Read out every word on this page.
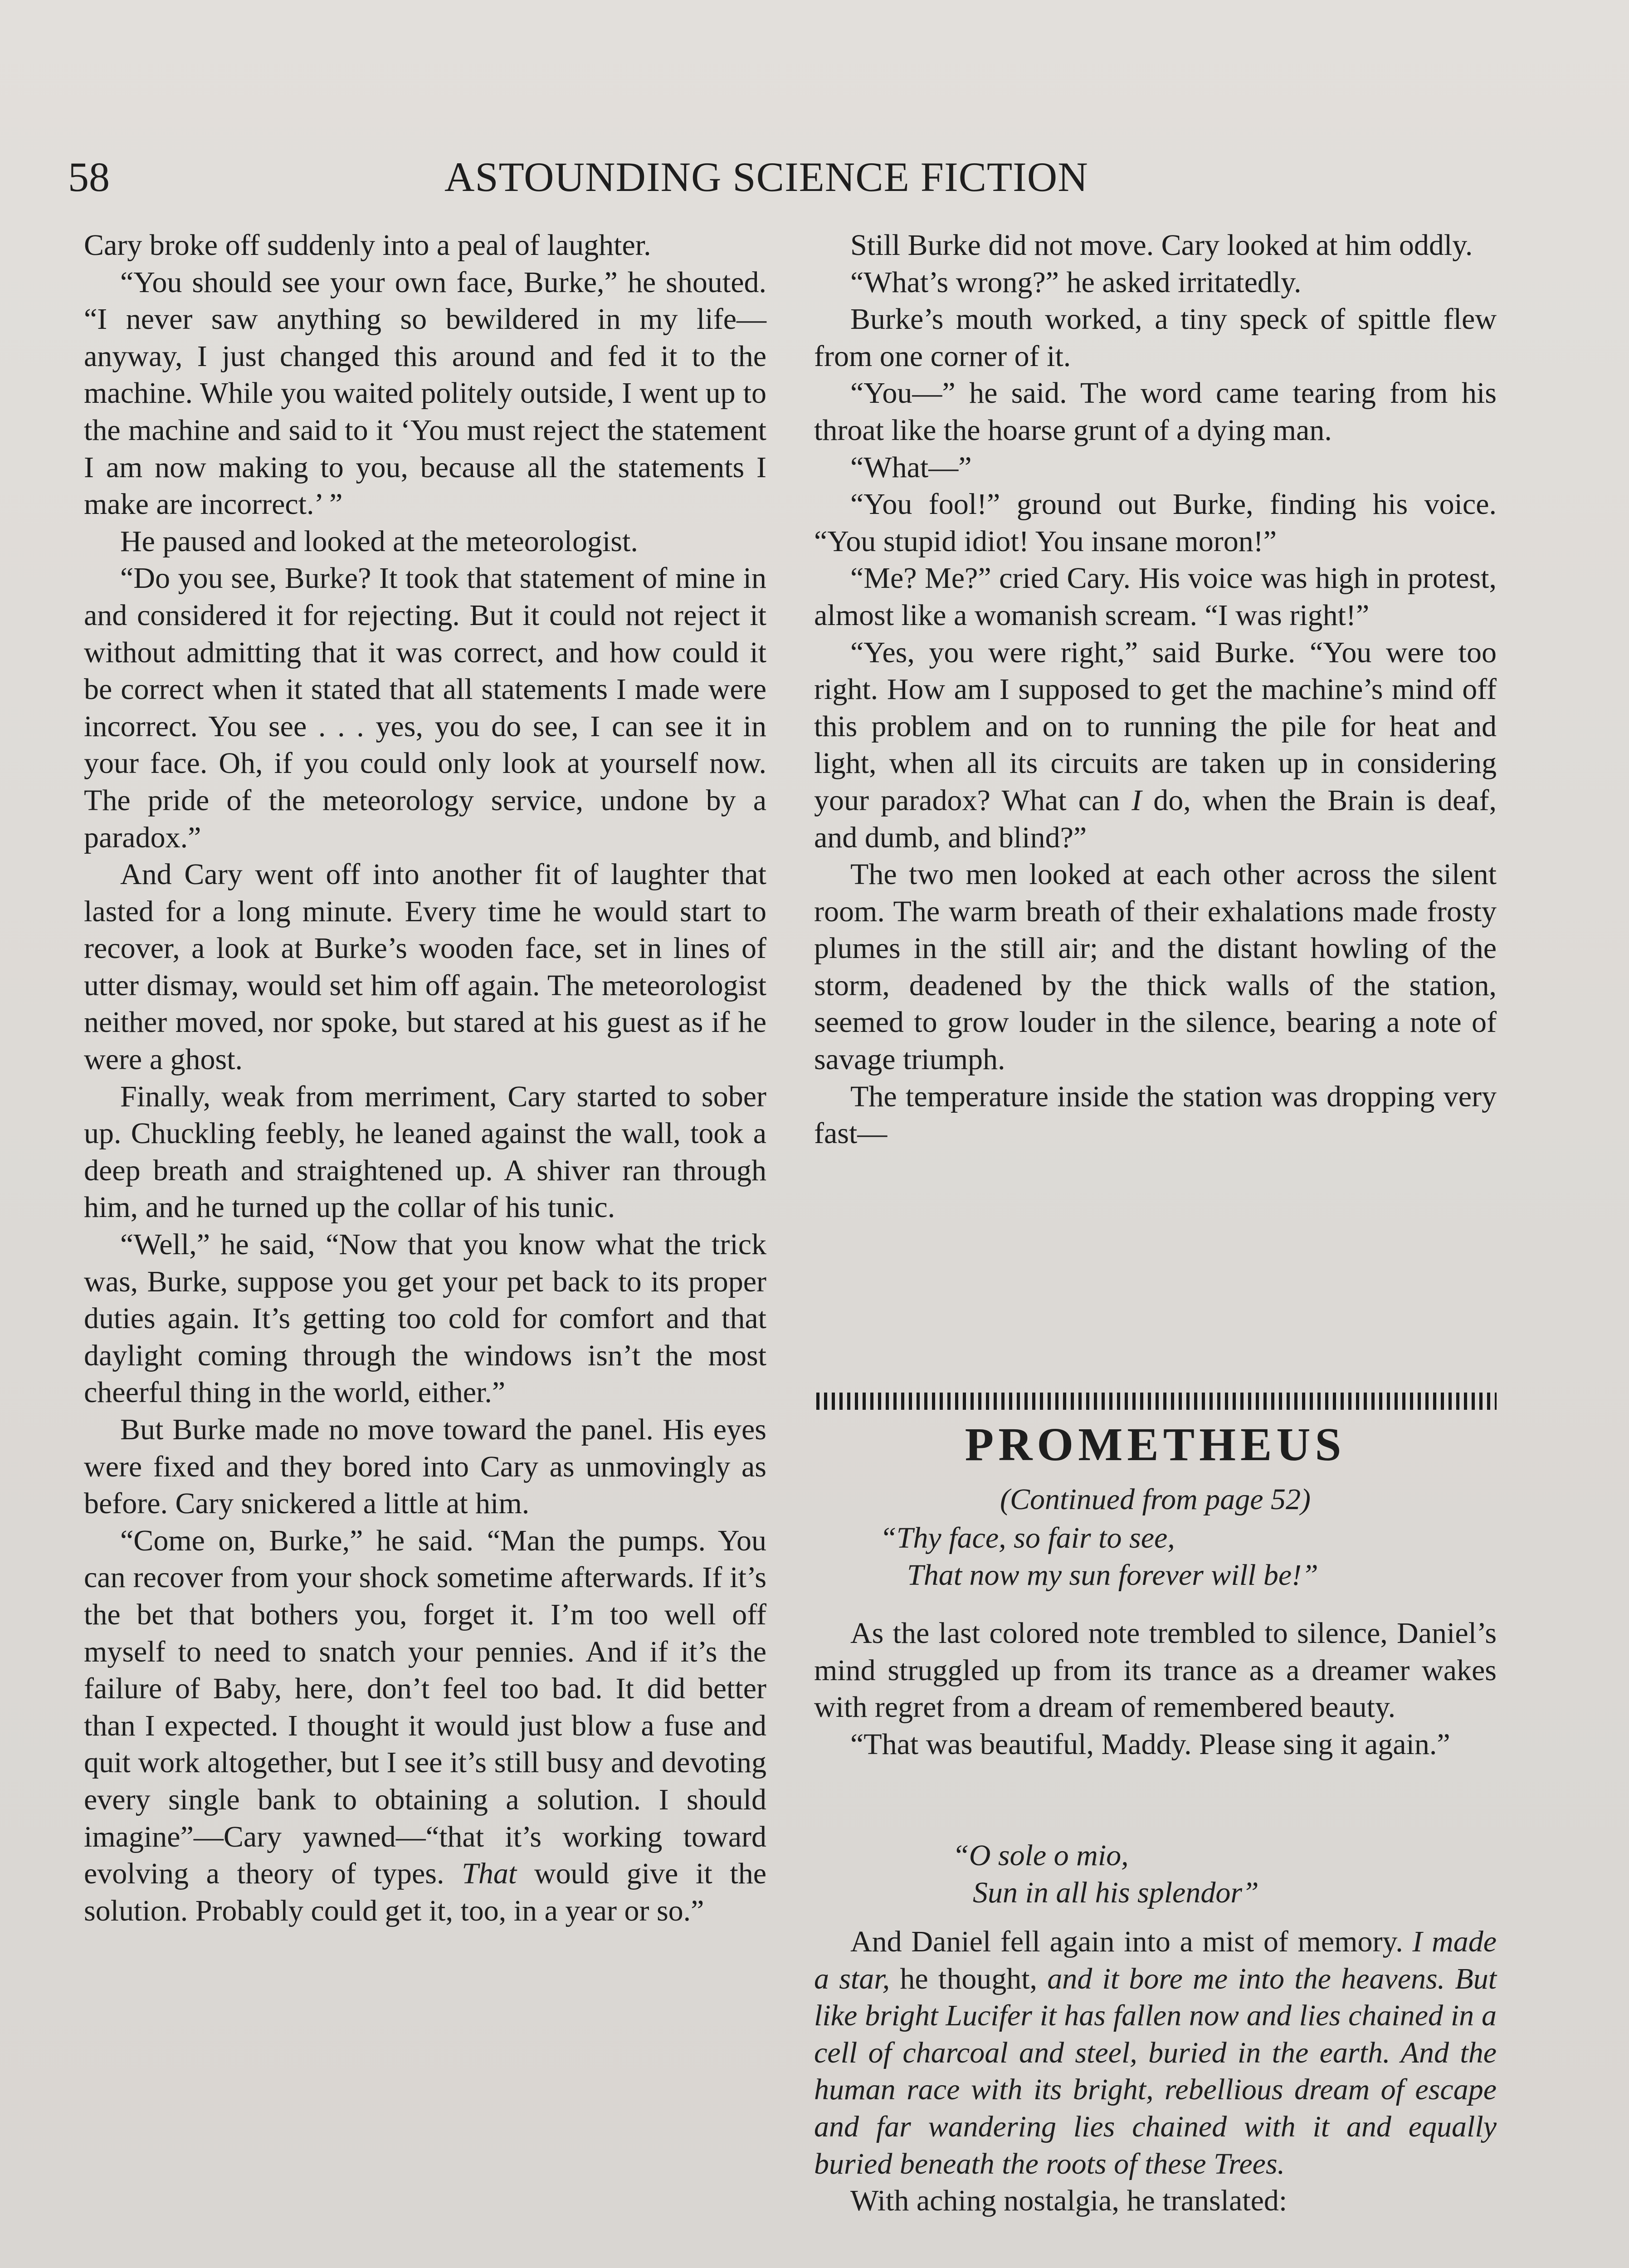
58	ASTOUNDING SCIENCE FICTION

Cary broke off suddenly into a peal of laughter.

“You should see your own face, Burke,” he shouted. “I never saw anything so bewildered in my life—anyway, I just changed this around and fed it to the machine. While you waited politely outside, I went up to the machine and said to it ‘You must reject the statement I am now making to you, because all the statements I make are incorrect.’ ”

He paused and looked at the meteorologist.

“Do you see, Burke? It took that statement of mine in and considered it for rejecting. But it could not reject it without admitting that it was correct, and how could it be correct when it stated that all statements I made were incorrect. You see . . . yes, you do see, I can see it in your face. Oh, if you could only look at yourself now. The pride of the meteorology service, undone by a paradox.”

And Cary went off into another fit of laughter that lasted for a long minute. Every time he would start to recover, a look at Burke’s wooden face, set in lines of utter dismay, would set him off again. The meteorologist neither moved, nor spoke, but stared at his guest as if he were a ghost.

Finally, weak from merriment, Cary started to sober up. Chuckling feebly, he leaned against the wall, took a deep breath and straightened up. A shiver ran through him, and he turned up the collar of his tunic.

“Well,” he said, “Now that you know what the trick was, Burke, suppose you get your pet back to its proper duties again. It’s getting too cold for comfort and that daylight coming through the windows isn’t the most cheerful thing in the world, either.”

But Burke made no move toward the panel. His eyes were fixed and they bored into Cary as unmovingly as before. Cary snickered a little at him.

“Come on, Burke,” he said. “Man the pumps. You can recover from your shock sometime afterwards. If it’s the bet that bothers you, forget it. I’m too well off myself to need to snatch your pennies. And if it’s the failure of Baby, here, don’t feel too bad. It did better than I expected. I thought it would just blow a fuse and quit work altogether, but I see it’s still busy and devoting every single bank to obtaining a solution. I should imagine”—Cary yawned—“that it’s working toward evolving a theory of types. That would give it the solution. Probably could get it, too, in a year or so.”

Still Burke did not move. Cary looked at him oddly.

“What’s wrong?” he asked irritatedly.

Burke’s mouth worked, a tiny speck of spittle flew from one corner of it.

“You—” he said. The word came tearing from his throat like the hoarse grunt of a dying man.

“What—”

“You fool!” ground out Burke, finding his voice. “You stupid idiot! You insane moron!”

“Me? Me?” cried Cary. His voice was high in protest, almost like a womanish scream. “I was right!”

“Yes, you were right,” said Burke. “You were too right. How am I supposed to get the machine’s mind off this problem and on to running the pile for heat and light, when all its circuits are taken up in considering your paradox? What can I do, when the Brain is deaf, and dumb, and blind?”

The two men looked at each other across the silent room. The warm breath of their exhalations made frosty plumes in the still air; and the distant howling of the storm, deadened by the thick walls of the station, seemed to grow louder in the silence, bearing a note of savage triumph.

The temperature inside the station was dropping very fast—

PROMETHEUS
(Continued from page 52)
“Thy face, so fair to see,
That now my sun forever will be!”

As the last colored note trembled to silence, Daniel’s mind struggled up from its trance as a dreamer wakes with regret from a dream of remembered beauty.

“That was beautiful, Maddy. Please sing it again.”

“O sole o mio,
Sun in all his splendor”

And Daniel fell again into a mist of memory. I made a star, he thought, and it bore me into the heavens. But like bright Lucifer it has fallen now and lies chained in a cell of charcoal and steel, buried in the earth. And the human race with its bright, rebellious dream of escape and far wandering lies chained with it and equally buried beneath the roots of these Trees.

With aching nostalgia, he translated:
